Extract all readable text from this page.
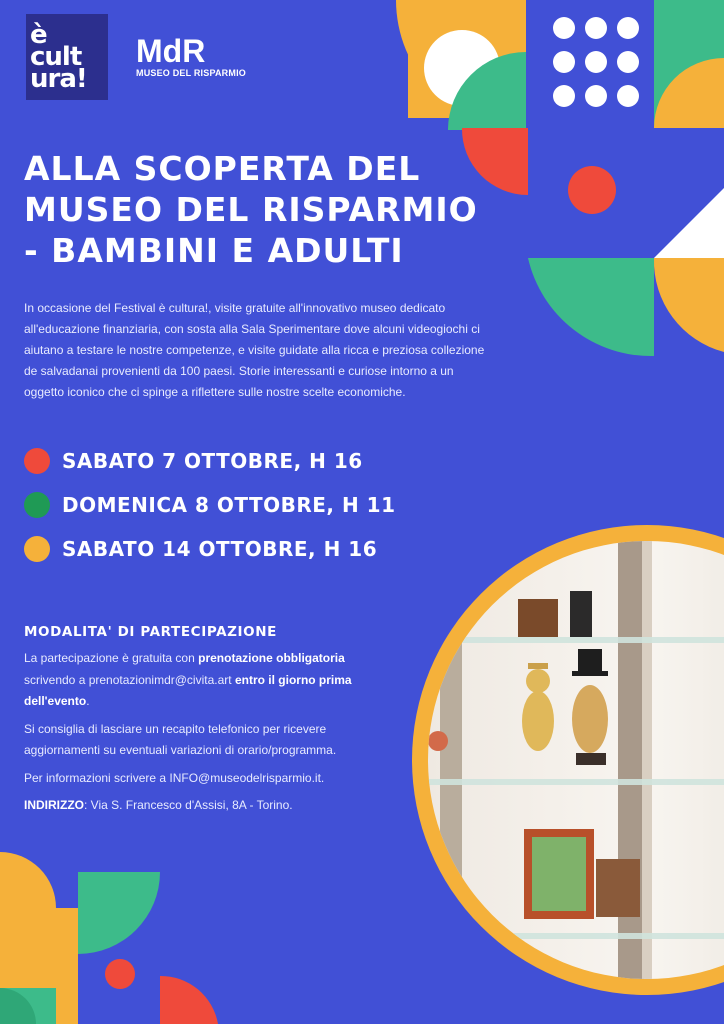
è
cult
ura!
MdR
MUSEO DEL RISPARMIO
ALLA SCOPERTA DEL MUSEO DEL RISPARMIO - BAMBINI E ADULTI

In occasione del Festival è cultura!, visite gratuite all'innovativo museo dedicato all'educazione finanziaria, con sosta alla Sala Sperimentare dove alcuni videogiochi ci aiutano a testare le nostre competenze, e visite guidate alla ricca e preziosa collezione de salvadanai provenienti da 100 paesi. Storie interessanti e curiose intorno a un oggetto iconico che ci spinge a riflettere sulle nostre scelte economiche.

SABATO 7 OTTOBRE, H 16
DOMENICA 8 OTTOBRE, H 11
SABATO 14 OTTOBRE, H 16
MODALITA' DI PARTECIPAZIONE

La partecipazione è gratuita con prenotazione obbligatoria scrivendo a prenotazionimdr@civita.art entro il giorno prima dell'evento.

Si consiglia di lasciare un recapito telefonico per ricevere aggiornamenti su eventuali variazioni di orario/programma.

Per informazioni scrivere a INFO@museodelrisparmio.it.

INDIRIZZO: Via S. Francesco d'Assisi, 8A - Torino.
